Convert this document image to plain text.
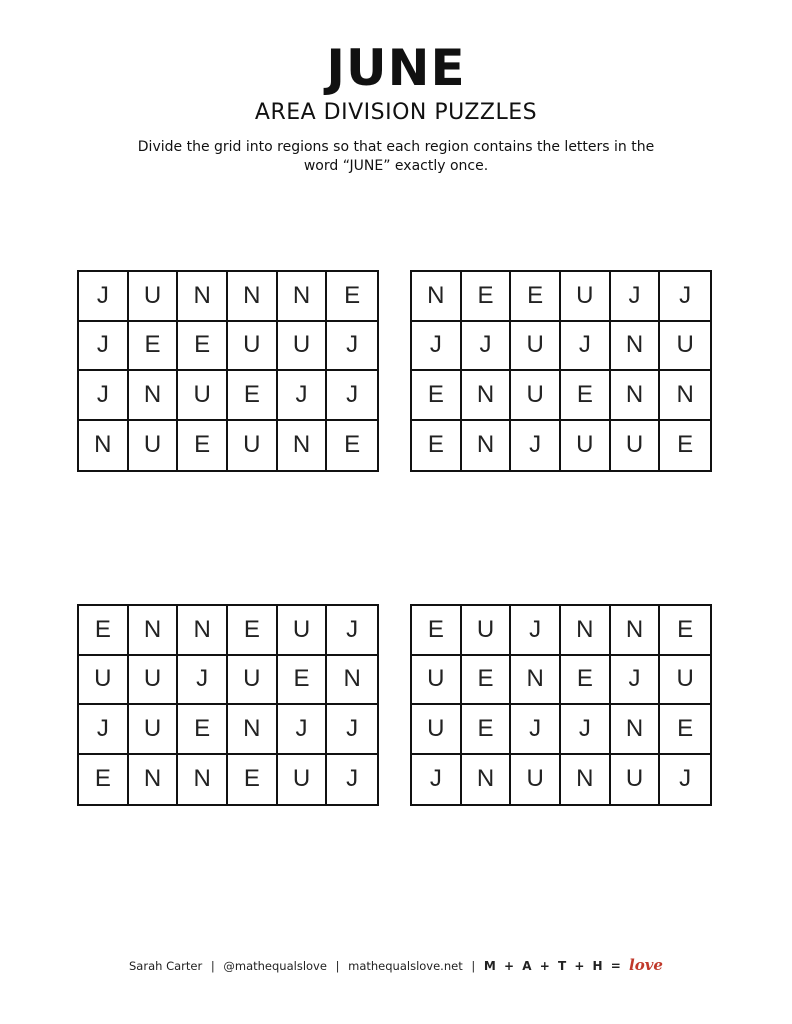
JUNE
AREA DIVISION PUZZLES
Divide the grid into regions so that each region contains the letters in the word “JUNE” exactly once.
J	U	N	N	N	E
J	E	E	U	U	J
J	N	U	E	J	J
N	U	E	U	N	E
N	E	E	U	J	J
J	J	U	J	N	U
E	N	U	E	N	N
E	N	J	U	U	E
E	N	N	E	U	J
U	U	J	U	E	N
J	U	E	N	J	J
E	N	N	E	U	J
E	U	J	N	N	E
U	E	N	E	J	U
U	E	J	J	N	E
J	N	U	N	U	J
Sarah Carter | @mathequalslove | mathequalslove.net | M + A + T + H = love
